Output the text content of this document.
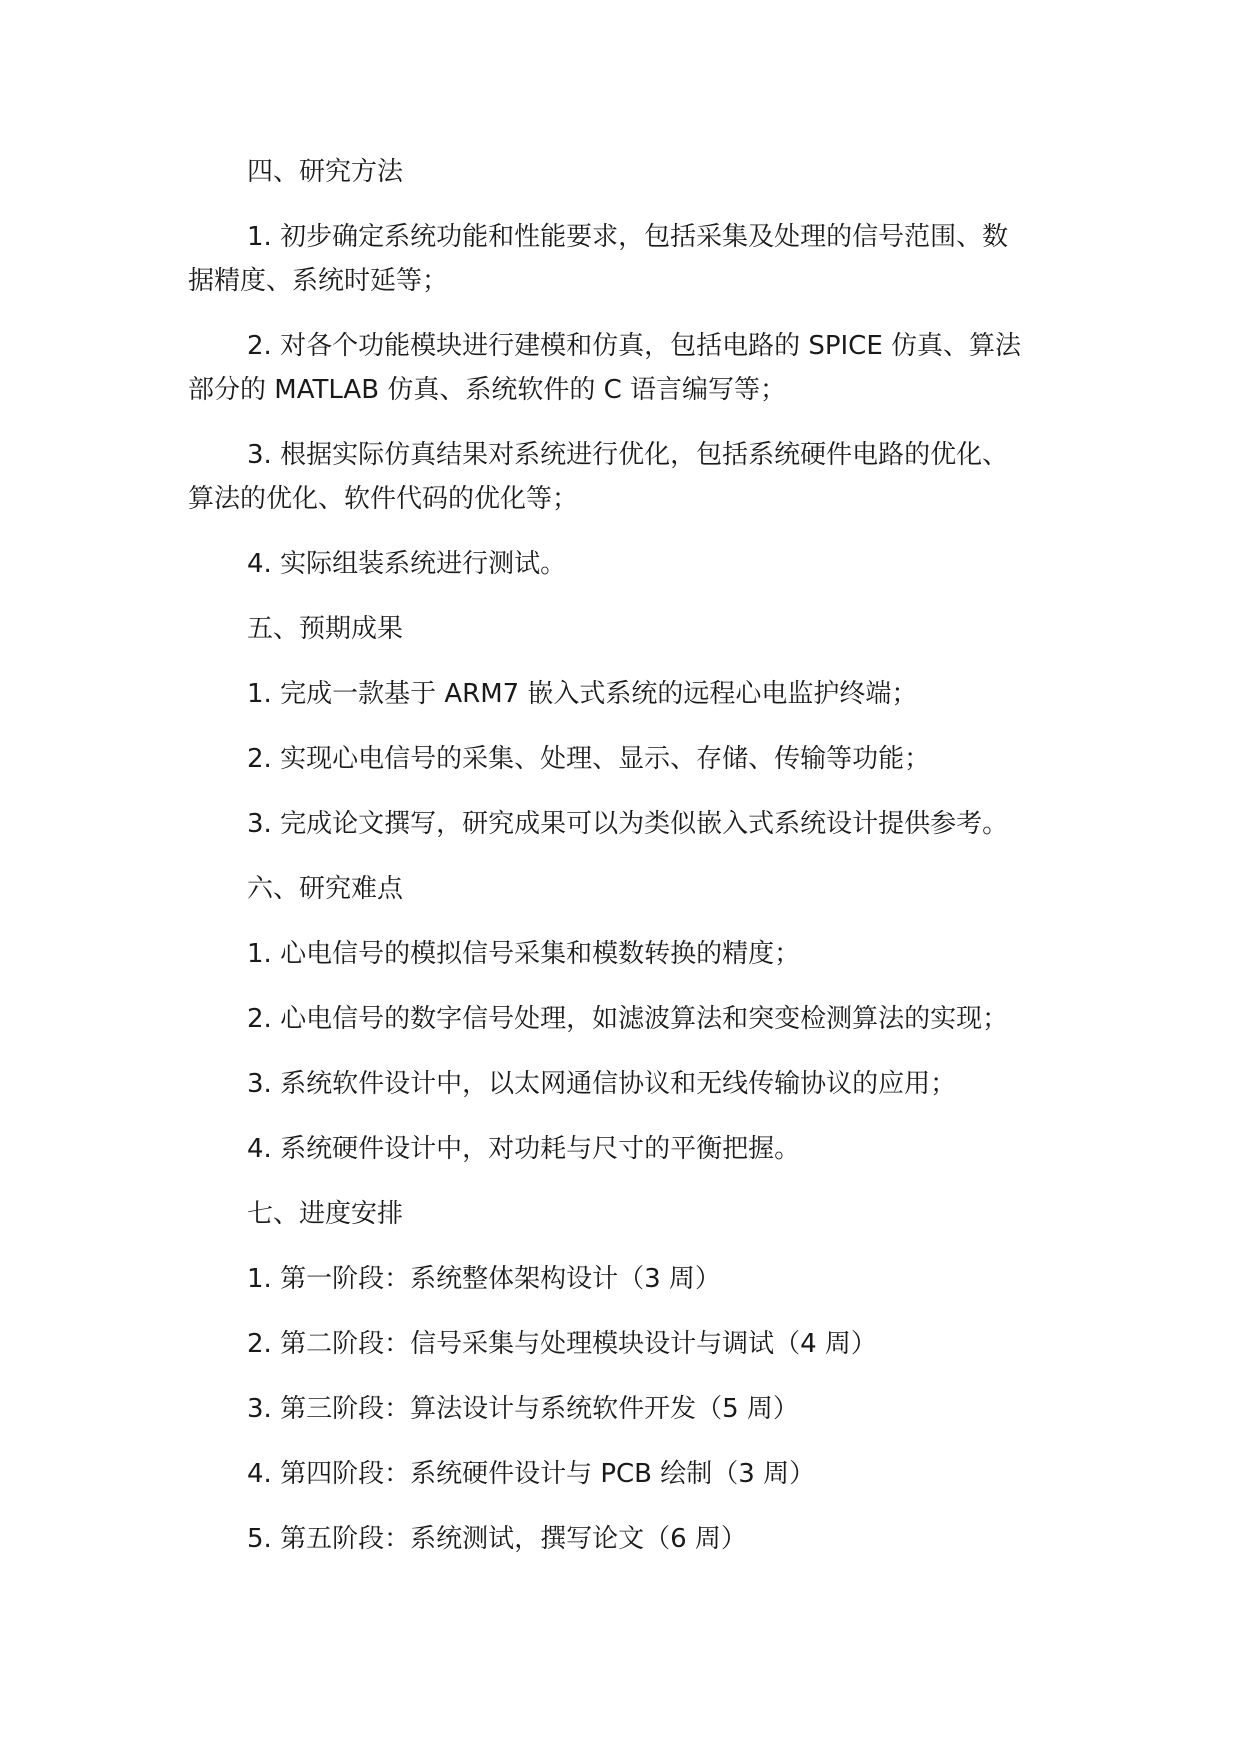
四、研究方法
1. 初步确定系统功能和性能要求，包括采集及处理的信号范围、数
据精度、系统时延等；
2. 对各个功能模块进行建模和仿真，包括电路的 SPICE 仿真、算法
部分的 MATLAB 仿真、系统软件的 C 语言编写等；
3. 根据实际仿真结果对系统进行优化，包括系统硬件电路的优化、
算法的优化、软件代码的优化等；
4. 实际组装系统进行测试。
五、预期成果
1. 完成一款基于 ARM7 嵌入式系统的远程心电监护终端；
2. 实现心电信号的采集、处理、显示、存储、传输等功能；
3. 完成论文撰写，研究成果可以为类似嵌入式系统设计提供参考。
六、研究难点
1. 心电信号的模拟信号采集和模数转换的精度；
2. 心电信号的数字信号处理，如滤波算法和突变检测算法的实现；
3. 系统软件设计中，以太网通信协议和无线传输协议的应用；
4. 系统硬件设计中，对功耗与尺寸的平衡把握。
七、进度安排
1. 第一阶段：系统整体架构设计（3 周）
2. 第二阶段：信号采集与处理模块设计与调试（4 周）
3. 第三阶段：算法设计与系统软件开发（5 周）
4. 第四阶段：系统硬件设计与 PCB 绘制（3 周）
5. 第五阶段：系统测试，撰写论文（6 周）
